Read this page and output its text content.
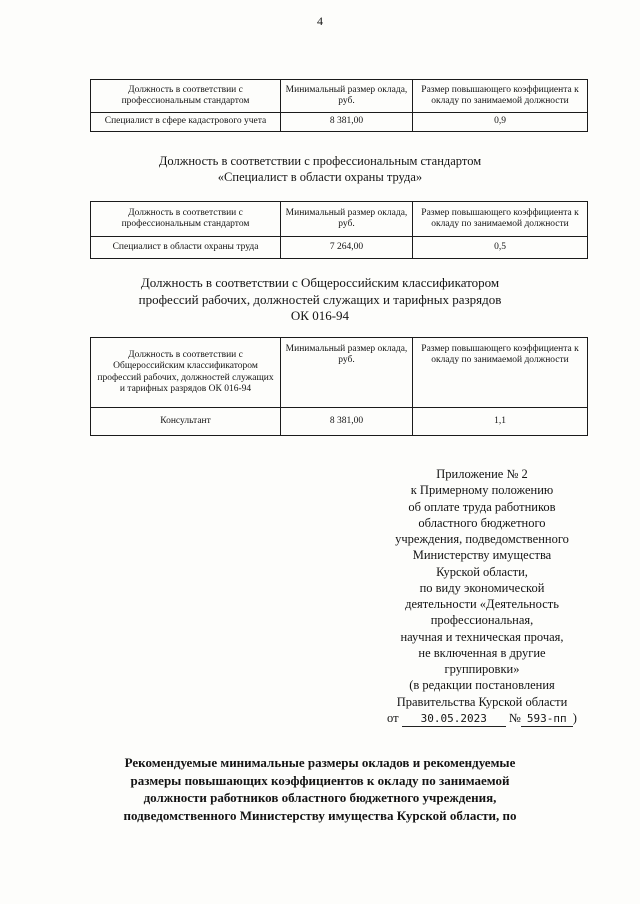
4
Должность в соответствии с профессиональным стандартом	Минимальный размер оклада, руб.	Размер повышающего коэффициента к окладу по занимаемой должности
Специалист в сфере кадастрового учета	8 381,00	0,9
Должность в соответствии с профессиональным стандартом
«Специалист в области охраны труда»
Должность в соответствии с профессиональным стандартом	Минимальный размер оклада, руб.	Размер повышающего коэффициента к окладу по занимаемой должности
Специалист в области охраны труда	7 264,00	0,5
Должность в соответствии с Общероссийским классификатором
профессий рабочих, должностей служащих и тарифных разрядов
ОК 016-94
Должность в соответствии с Общероссийским классификатором профессий рабочих, должностей служащих и тарифных разрядов ОК 016-94	Минимальный размер оклада, руб.	Размер повышающего коэффициента к окладу по занимаемой должности
Консультант	8 381,00	1,1
Приложение № 2
к Примерному положению
об оплате труда работников
областного бюджетного
учреждения, подведомственного
Министерству имущества
Курской области,
по виду экономической
деятельности «Деятельность
профессиональная,
научная и техническая прочая,
не включенная в другие
группировки»
(в редакции постановления
Правительства Курской области
от 30.05.2023 № 593-пп )
Рекомендуемые минимальные размеры окладов и рекомендуемые
размеры повышающих коэффициентов к окладу по занимаемой
должности работников областного бюджетного учреждения,
подведомственного Министерству имущества Курской области, по
